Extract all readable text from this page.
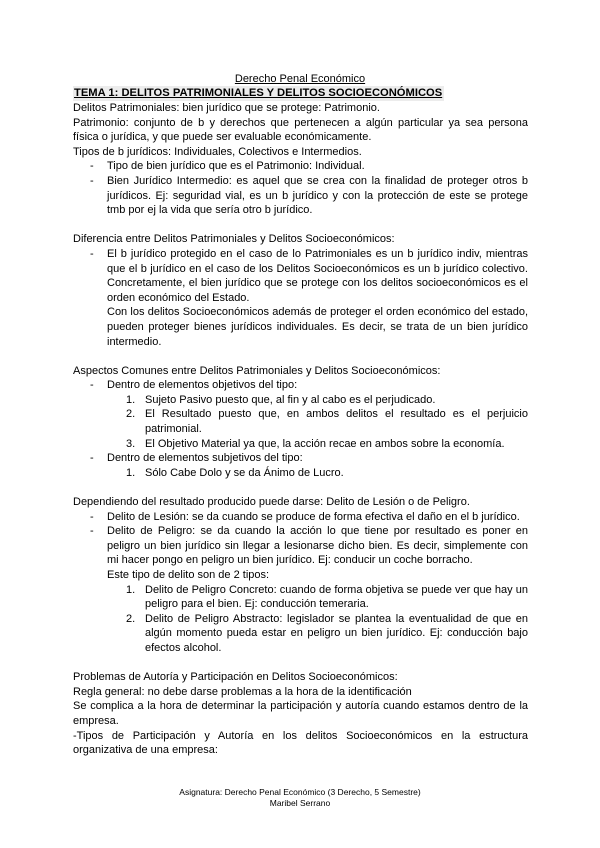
Derecho Penal Económico
TEMA 1: DELITOS PATRIMONIALES Y DELITOS SOCIOECONÓMICOS

Delitos Patrimoniales: bien jurídico que se protege: Patrimonio.

Patrimonio: conjunto de b y derechos que pertenecen a algún particular ya sea persona física o jurídica, y que puede ser evaluable económicamente.

Tipos de b jurídicos: Individuales, Colectivos e Intermedios.

- Tipo de bien jurídico que es el Patrimonio: Individual.
- Bien Jurídico Intermedio: es aquel que se crea con la finalidad de proteger otros b jurídicos. Ej: seguridad vial, es un b jurídico y con la protección de este se protege tmb por ej la vida que sería otro b jurídico.

Diferencia entre Delitos Patrimoniales y Delitos Socioeconómicos:

- El b jurídico protegido en el caso de lo Patrimoniales es un b jurídico indiv, mientras que el b jurídico en el caso de los Delitos Socioeconómicos es un b jurídico colectivo. Concretamente, el bien jurídico que se protege con los delitos socioeconómicos es el orden económico del Estado.
Con los delitos Socioeconómicos además de proteger el orden económico del estado, pueden proteger bienes jurídicos individuales. Es decir, se trata de un bien jurídico intermedio.

Aspectos Comunes entre Delitos Patrimoniales y Delitos Socioeconómicos:

- Dentro de elementos objetivos del tipo:
1. Sujeto Pasivo puesto que, al fin y al cabo es el perjudicado.
2. El Resultado puesto que, en ambos delitos el resultado es el perjuicio patrimonial.
3. El Objetivo Material ya que, la acción recae en ambos sobre la economía.
- Dentro de elementos subjetivos del tipo:
1. Sólo Cabe Dolo y se da Ánimo de Lucro.

Dependiendo del resultado producido puede darse: Delito de Lesión o de Peligro.

- Delito de Lesión: se da cuando se produce de forma efectiva el daño en el b jurídico.
- Delito de Peligro: se da cuando la acción lo que tiene por resultado es poner en peligro un bien jurídico sin llegar a lesionarse dicho bien. Es decir, simplemente con mi hacer pongo en peligro un bien jurídico. Ej: conducir un coche borracho.
Este tipo de delito son de 2 tipos:
1. Delito de Peligro Concreto: cuando de forma objetiva se puede ver que hay un peligro para el bien. Ej: conducción temeraria.
2. Delito de Peligro Abstracto: legislador se plantea la eventualidad de que en algún momento pueda estar en peligro un bien jurídico. Ej: conducción bajo efectos alcohol.

Problemas de Autoría y Participación en Delitos Socioeconómicos:

Regla general: no debe darse problemas a la hora de la identificación

Se complica a la hora de determinar la participación y autoría cuando estamos dentro de la empresa.

-Tipos de Participación y Autoría en los delitos Socioeconómicos en la estructura organizativa de una empresa:

Asignatura: Derecho Penal Económico (3 Derecho, 5 Semestre)
Maribel Serrano
